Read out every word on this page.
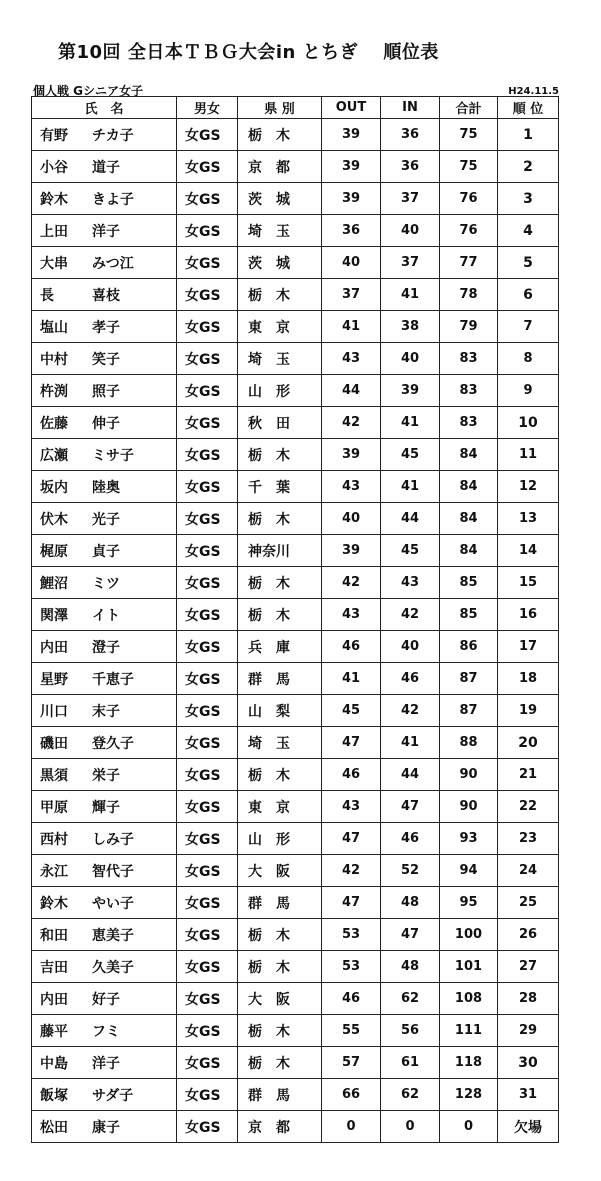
第10回 全日本ＴＢＧ大会in とちぎ　 順位表
個人戦 Gシニア女子	H24.11.5
氏　名	男女	県 別	OUT	IN	合計	順 位
有野 チカ子	女GS	栃 木	39	36	75	1
小谷 道子	女GS	京 都	39	36	75	2
鈴木 きよ子	女GS	茨 城	39	37	76	3
上田 洋子	女GS	埼 玉	36	40	76	4
大串 みつ江	女GS	茨 城	40	37	77	5
長 喜枝	女GS	栃 木	37	41	78	6
塩山 孝子	女GS	東 京	41	38	79	7
中村 笑子	女GS	埼 玉	43	40	83	8
杵渕 照子	女GS	山 形	44	39	83	9
佐藤 伸子	女GS	秋 田	42	41	83	10
広瀬 ミサ子	女GS	栃 木	39	45	84	11
坂内 陸奥	女GS	千 葉	43	41	84	12
伏木 光子	女GS	栃 木	40	44	84	13
梶原 貞子	女GS	神奈川	39	45	84	14
鯉沼 ミツ	女GS	栃 木	42	43	85	15
関澤 イト	女GS	栃 木	43	42	85	16
内田 澄子	女GS	兵 庫	46	40	86	17
星野 千恵子	女GS	群 馬	41	46	87	18
川口 末子	女GS	山 梨	45	42	87	19
磯田 登久子	女GS	埼 玉	47	41	88	20
黒須 栄子	女GS	栃 木	46	44	90	21
甲原 輝子	女GS	東 京	43	47	90	22
西村 しみ子	女GS	山 形	47	46	93	23
永江 智代子	女GS	大 阪	42	52	94	24
鈴木 やい子	女GS	群 馬	47	48	95	25
和田 恵美子	女GS	栃 木	53	47	100	26
吉田 久美子	女GS	栃 木	53	48	101	27
内田 好子	女GS	大 阪	46	62	108	28
藤平 フミ	女GS	栃 木	55	56	111	29
中島 洋子	女GS	栃 木	57	61	118	30
飯塚 サダ子	女GS	群 馬	66	62	128	31
松田 康子	女GS	京 都	0	0	0	欠場
